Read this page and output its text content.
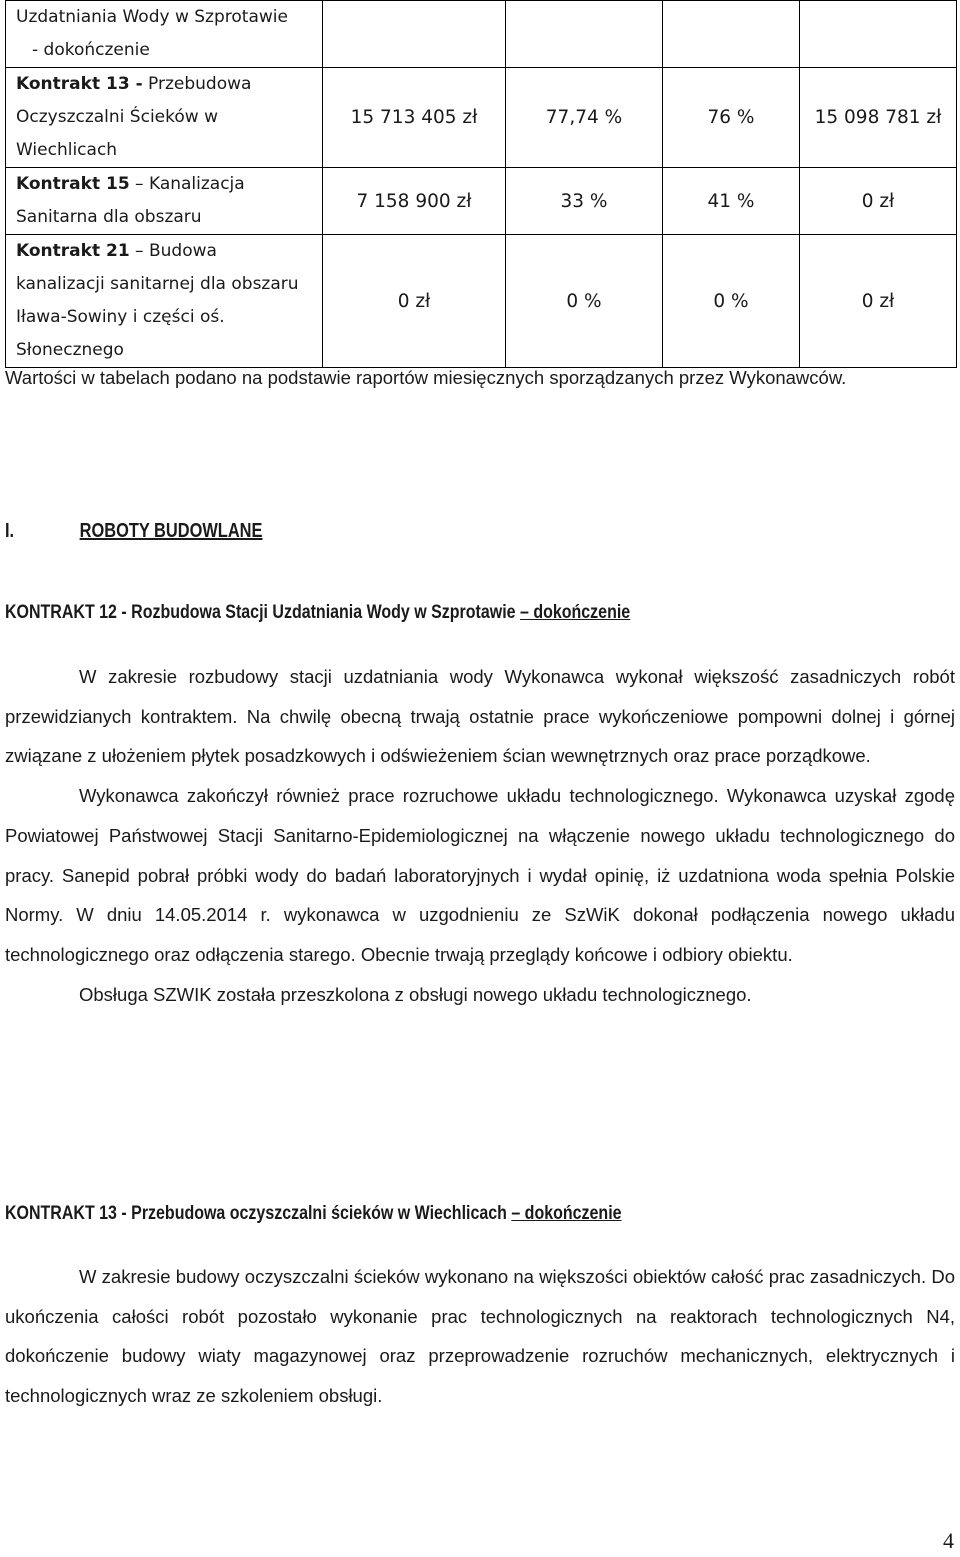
Uzdatniania Wody w Szprotawie
- dokończenie				

Kontrakt 13 - Przebudowa
Oczyszczalni Ścieków w
Wiechlicach	15 713 405 zł	77,74 %	76 %	15 098 781 zł

Kontrakt 15 – Kanalizacja
Sanitarna dla obszaru	7 158 900 zł	33 %	41 %	0 zł

Kontrakt 21 – Budowa
kanalizacji sanitarnej dla obszaru
Iława-Sowiny i części oś.
Słonecznego	0 zł	0 %	0 %	0 zł

Wartości w tabelach podano na podstawie raportów miesięcznych sporządzanych przez Wykonawców.

I.	ROBOTY BUDOWLANE

KONTRAKT 12 - Rozbudowa Stacji Uzdatniania Wody w Szprotawie – dokończenie

W zakresie rozbudowy stacji uzdatniania wody Wykonawca wykonał większość zasadniczych robót przewidzianych kontraktem. Na chwilę obecną trwają ostatnie prace wykończeniowe pompowni dolnej i górnej związane z ułożeniem płytek posadzkowych i odświeżeniem ścian wewnętrznych oraz prace porządkowe.

Wykonawca zakończył również prace rozruchowe układu technologicznego. Wykonawca uzyskał zgodę Powiatowej Państwowej Stacji Sanitarno-Epidemiologicznej na włączenie nowego układu technologicznego do pracy. Sanepid pobrał próbki wody do badań laboratoryjnych i wydał opinię, iż uzdatniona woda spełnia Polskie Normy. W dniu 14.05.2014 r. wykonawca w uzgodnieniu ze SzWiK dokonał podłączenia nowego układu technologicznego oraz odłączenia starego. Obecnie trwają przeglądy końcowe i odbiory obiektu.

Obsługa SZWIK została przeszkolona z obsługi nowego układu technologicznego.

KONTRAKT 13 - Przebudowa oczyszczalni ścieków w Wiechlicach – dokończenie

W zakresie budowy oczyszczalni ścieków wykonano na większości obiektów całość prac zasadniczych. Do ukończenia całości robót pozostało wykonanie prac technologicznych na reaktorach technologicznych N4, dokończenie budowy wiaty magazynowej oraz przeprowadzenie rozruchów mechanicznych, elektrycznych i technologicznych wraz ze szkoleniem obsługi.

4
